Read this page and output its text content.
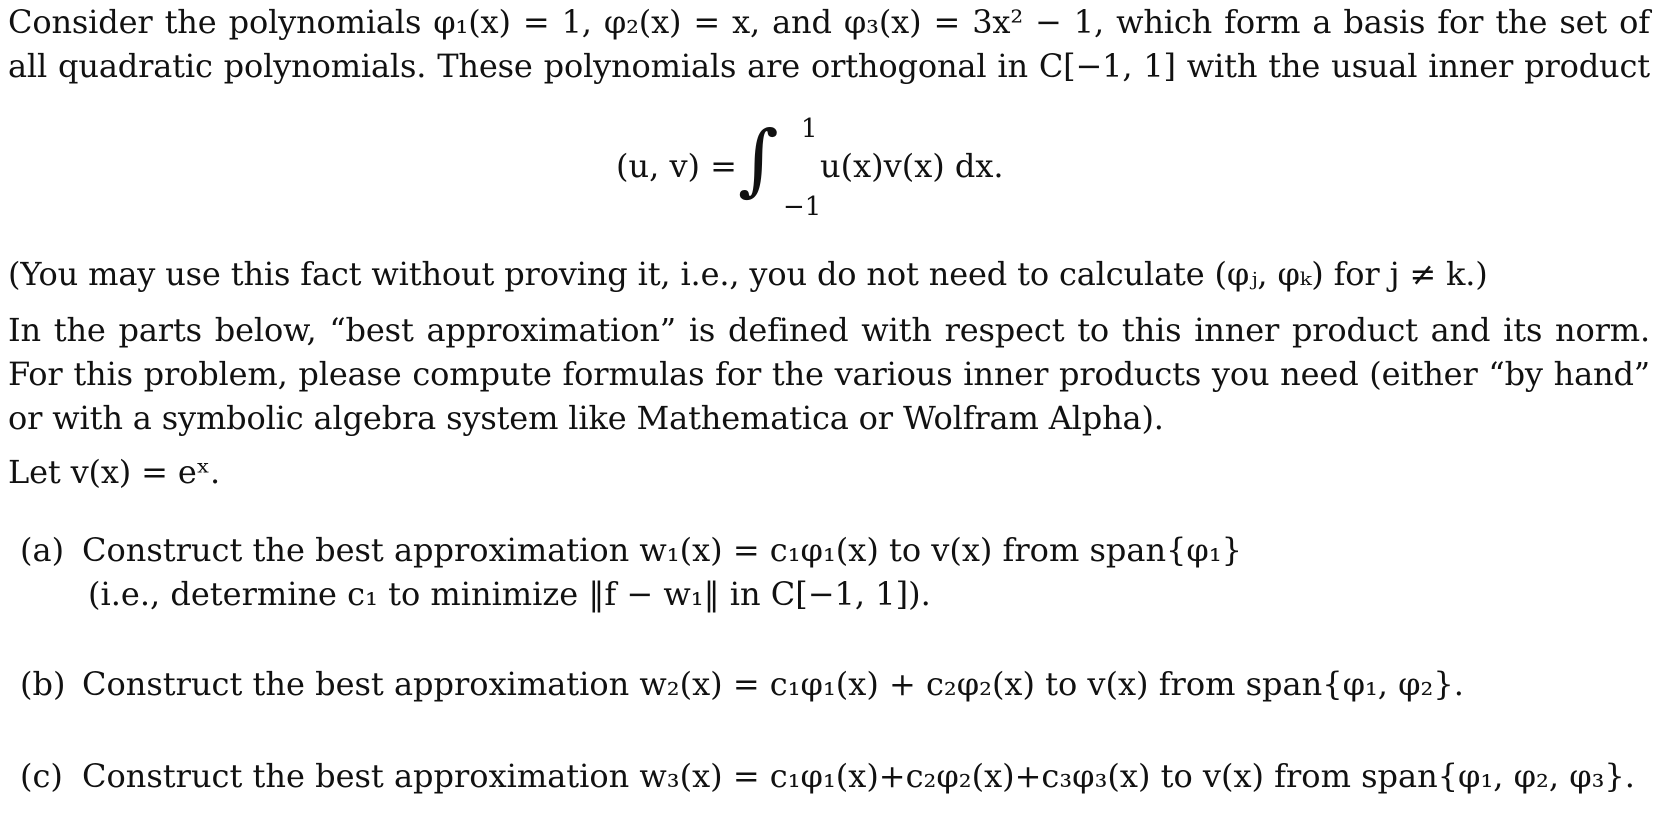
Consider the polynomials φ₁(x) = 1, φ₂(x) = x, and φ₃(x) = 3x² − 1, which form a basis for the set of
all quadratic polynomials. These polynomials are orthogonal in C[−1, 1] with the usual inner product
(u, v) = ∫ 1
−1
u(x)v(x) dx.
(You may use this fact without proving it, i.e., you do not need to calculate (φⱼ, φₖ) for j ≠ k.)
In the parts below, “best approximation” is defined with respect to this inner product and its norm.
For this problem, please compute formulas for the various inner products you need (either “by hand”
or with a symbolic algebra system like Mathematica or Wolfram Alpha).
Let v(x) = eˣ.
(a) Construct the best approximation w₁(x) = c₁φ₁(x) to v(x) from span{φ₁}
(i.e., determine c₁ to minimize ‖f − w₁‖ in C[−1, 1]).
(b) Construct the best approximation w₂(x) = c₁φ₁(x) + c₂φ₂(x) to v(x) from span{φ₁, φ₂}.
(c) Construct the best approximation w₃(x) = c₁φ₁(x)+c₂φ₂(x)+c₃φ₃(x) to v(x) from span{φ₁, φ₂, φ₃}.
